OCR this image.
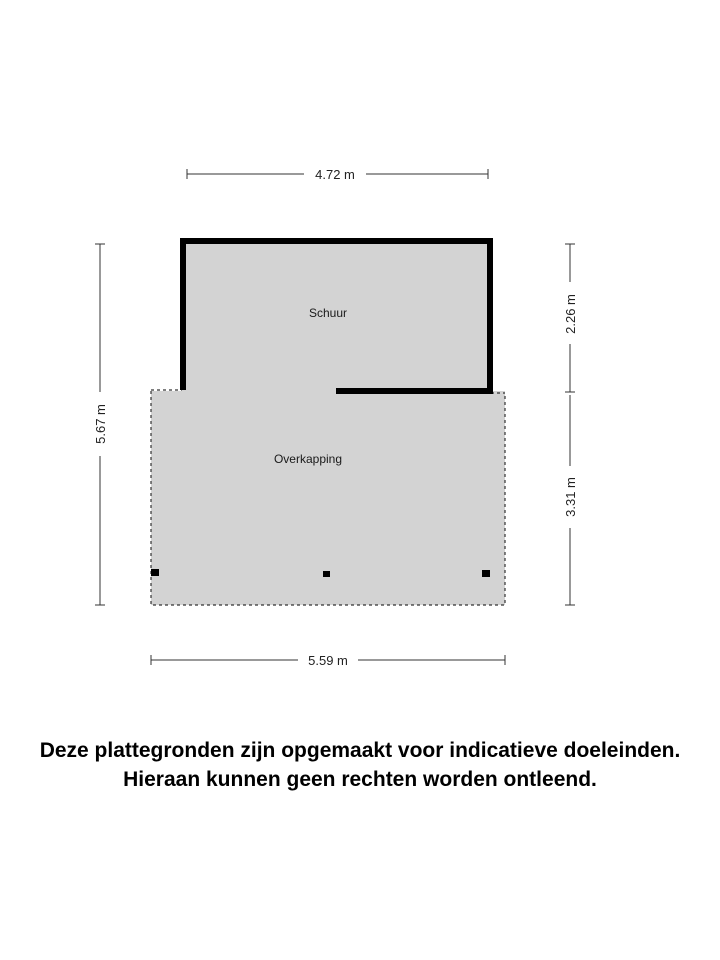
4.72 m
5.59 m
5.67 m
2.26 m
3.31 m
Schuur
Overkapping
Deze plattegronden zijn opgemaakt voor indicatieve doeleinden.
Hieraan kunnen geen rechten worden ontleend.
